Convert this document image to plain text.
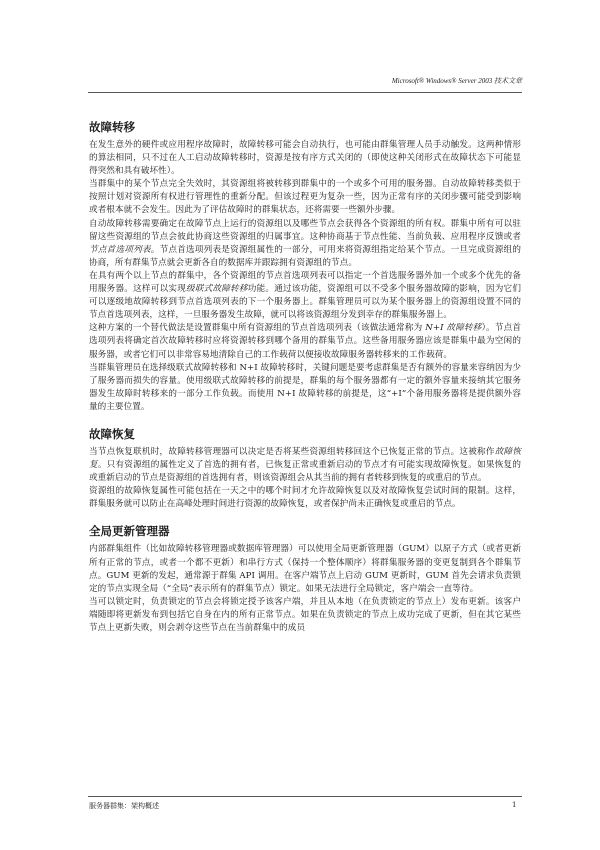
Microsoft® Windows® Server 2003 技术文章
故障转移

在发生意外的硬件或应用程序故障时，故障转移可能会自动执行，也可能由群集管理人员手动触发。这两种情形的算法相同，只不过在人工启动故障转移时，资源是按有序方式关闭的（即使这种关闭形式在故障状态下可能显得突然和具有破坏性）。

当群集中的某个节点完全失效时，其资源组将被转移到群集中的一个或多个可用的服务器。自动故障转移类似于按照计划对资源所有权进行管理性的重新分配。但该过程更为复杂一些，因为正常有序的关闭步骤可能受到影响或者根本就不会发生。因此为了评估故障时的群集状态，还将需要一些额外步骤。

自动故障转移需要确定在故障节点上运行的资源组以及哪些节点会获得各个资源组的所有权。群集中所有可以驻留这些资源组的节点会彼此协商这些资源组的归属事宜。这种协商基于节点性能、当前负载、应用程序反馈或者节点首选项列表。节点首选项列表是资源组属性的一部分，可用来将资源组指定给某个节点。一旦完成资源组的协商，所有群集节点就会更新各自的数据库并跟踪拥有资源组的节点。

在具有两个以上节点的群集中，各个资源组的节点首选项列表可以指定一个首选服务器外加一个或多个优先的备用服务器。这样可以实现级联式故障转移功能。通过该功能，资源组可以不受多个服务器故障的影响，因为它们可以逐级地故障转移到节点首选项列表的下一个服务器上。群集管理员可以为某个服务器上的资源组设置不同的节点首选项列表，这样，一旦服务器发生故障，就可以将该资源组分发到幸存的群集服务器上。

这种方案的一个替代做法是设置群集中所有资源组的节点首选项列表（该做法通常称为 N+I 故障转移）。节点首选项列表将确定首次故障转移时应将资源转移到哪个备用的群集节点。这些备用服务器应该是群集中最为空闲的服务器，或者它们可以非常容易地清除自己的工作载荷以便接收故障服务器转移来的工作载荷。

当群集管理员在选择级联式故障转移和 N+I 故障转移时，关键问题是要考虑群集是否有额外的容量来容纳因为少了服务器而损失的容量。使用级联式故障转移的前提是，群集的每个服务器都有一定的额外容量来接纳其它服务器发生故障时转移来的一部分工作负载。而使用 N+I 故障转移的前提是，这“+I”个备用服务器将是提供额外容量的主要位置。

故障恢复

当节点恢复联机时，故障转移管理器可以决定是否将某些资源组转移回这个已恢复正常的节点。这被称作故障恢复。只有资源组的属性定义了首选的拥有者，已恢复正常或重新启动的节点才有可能实现故障恢复。如果恢复的或重新启动的节点是资源组的首选拥有者，则该资源组会从其当前的拥有者转移到恢复的或重启的节点。

资源组的故障恢复属性可能包括在一天之中的哪个时间才允许故障恢复以及对故障恢复尝试时间的限制。这样，群集服务就可以防止在高峰处理时间进行资源的故障恢复，或者保护尚未正确恢复或重启的节点。

全局更新管理器

内部群集组件（比如故障转移管理器或数据库管理器）可以使用全局更新管理器（GUM）以原子方式（或者更新所有正常的节点，或者一个都不更新）和串行方式（保持一个整体顺序）将群集服务器的变更复制到各个群集节点。GUM 更新的发起，通常源于群集 API 调用。在客户端节点上启动 GUM 更新时，GUM 首先会请求负责锁定的节点实现全局（“全局”表示所有的群集节点）锁定。如果无法进行全局锁定，客户端会一直等待。

当可以锁定时，负责锁定的节点会将锁定授予该客户端，并且从本地（在负责锁定的节点上）发布更新。该客户端随即将更新发布到包括它自身在内的所有正常节点。如果在负责锁定的节点上成功完成了更新，但在其它某些节点上更新失败，则会剥夺这些节点在当前群集中的成员

服务器群集：架构概述	1
